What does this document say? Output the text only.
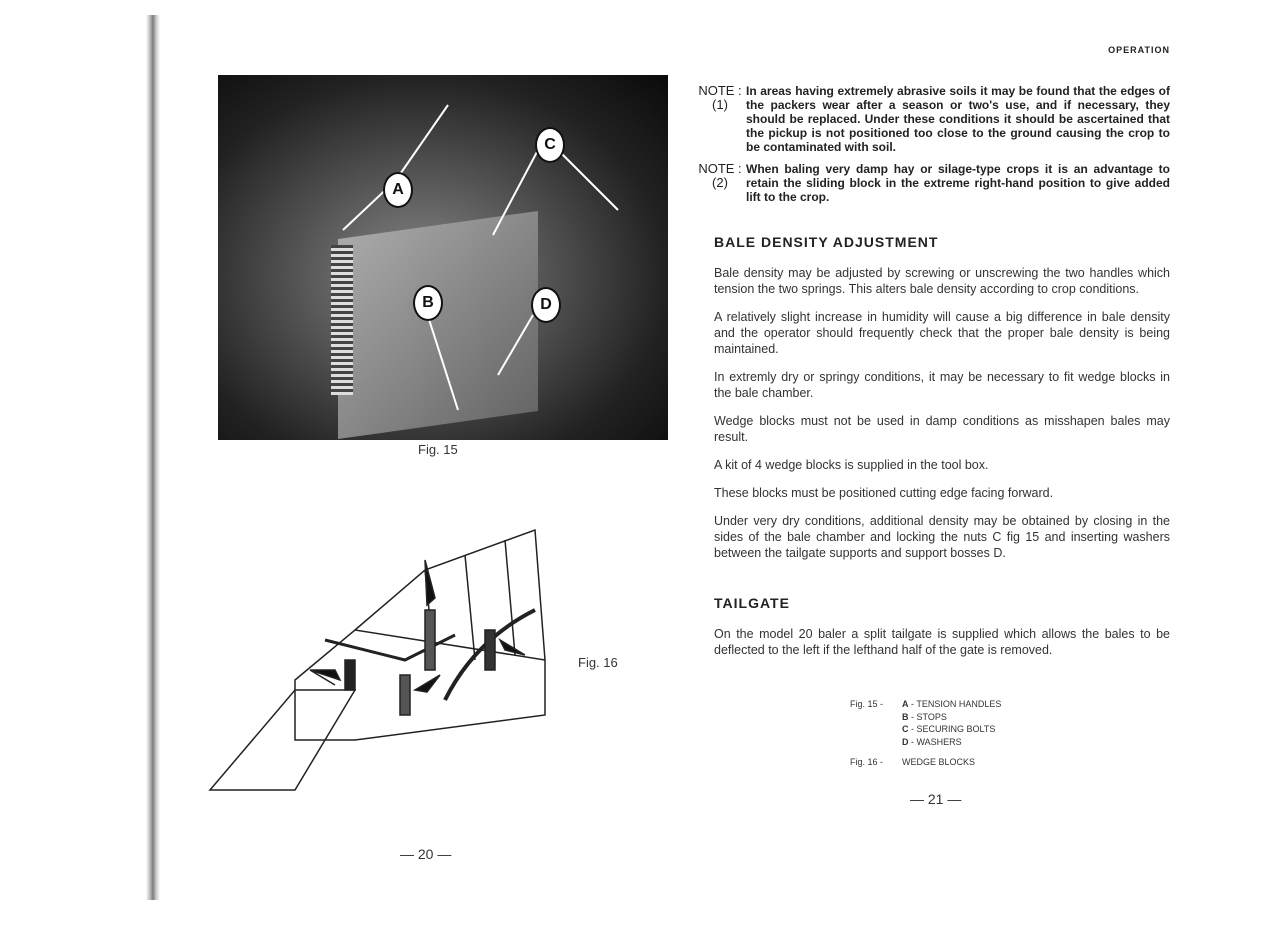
OPERATION
A
C
B	D
Fig. 15
Fig. 16
— 20 —
NOTE :
(1)
In areas having extremely abrasive soils it may be found that the edges of the packers wear after a season or two's use, and if necessary, they should be replaced. Under these conditions it should be ascertained that the pickup is not positioned too close to the ground causing the crop to be contaminated with soil.
NOTE :
(2)
When baling very damp hay or silage-type crops it is an advantage to retain the sliding block in the extreme right-hand position to give added lift to the crop.
BALE DENSITY ADJUSTMENT

Bale density may be adjusted by screwing or unscrewing the two handles which tension the two springs. This alters bale density according to crop conditions.

A relatively slight increase in humidity will cause a big difference in bale density and the operator should frequently check that the proper bale density is being maintained.

In extremly dry or springy conditions, it may be necessary to fit wedge blocks in the bale chamber.

Wedge blocks must not be used in damp conditions as misshapen bales may result.

A kit of 4 wedge blocks is supplied in the tool box.

These blocks must be positioned cutting edge facing forward.

Under very dry conditions, additional density may be obtained by closing in the sides of the bale chamber and locking the nuts C fig 15 and inserting washers between the tailgate supports and support bosses D.

TAILGATE

On the model 20 baler a split tailgate is supplied which allows the bales to be deflected to the left if the lefthand half of the gate is removed.

Fig. 15 -	A - TENSION HANDLES
B - STOPS
C - SECURING BOLTS
D - WASHERS
Fig. 16 -	WEDGE BLOCKS
— 21 —
